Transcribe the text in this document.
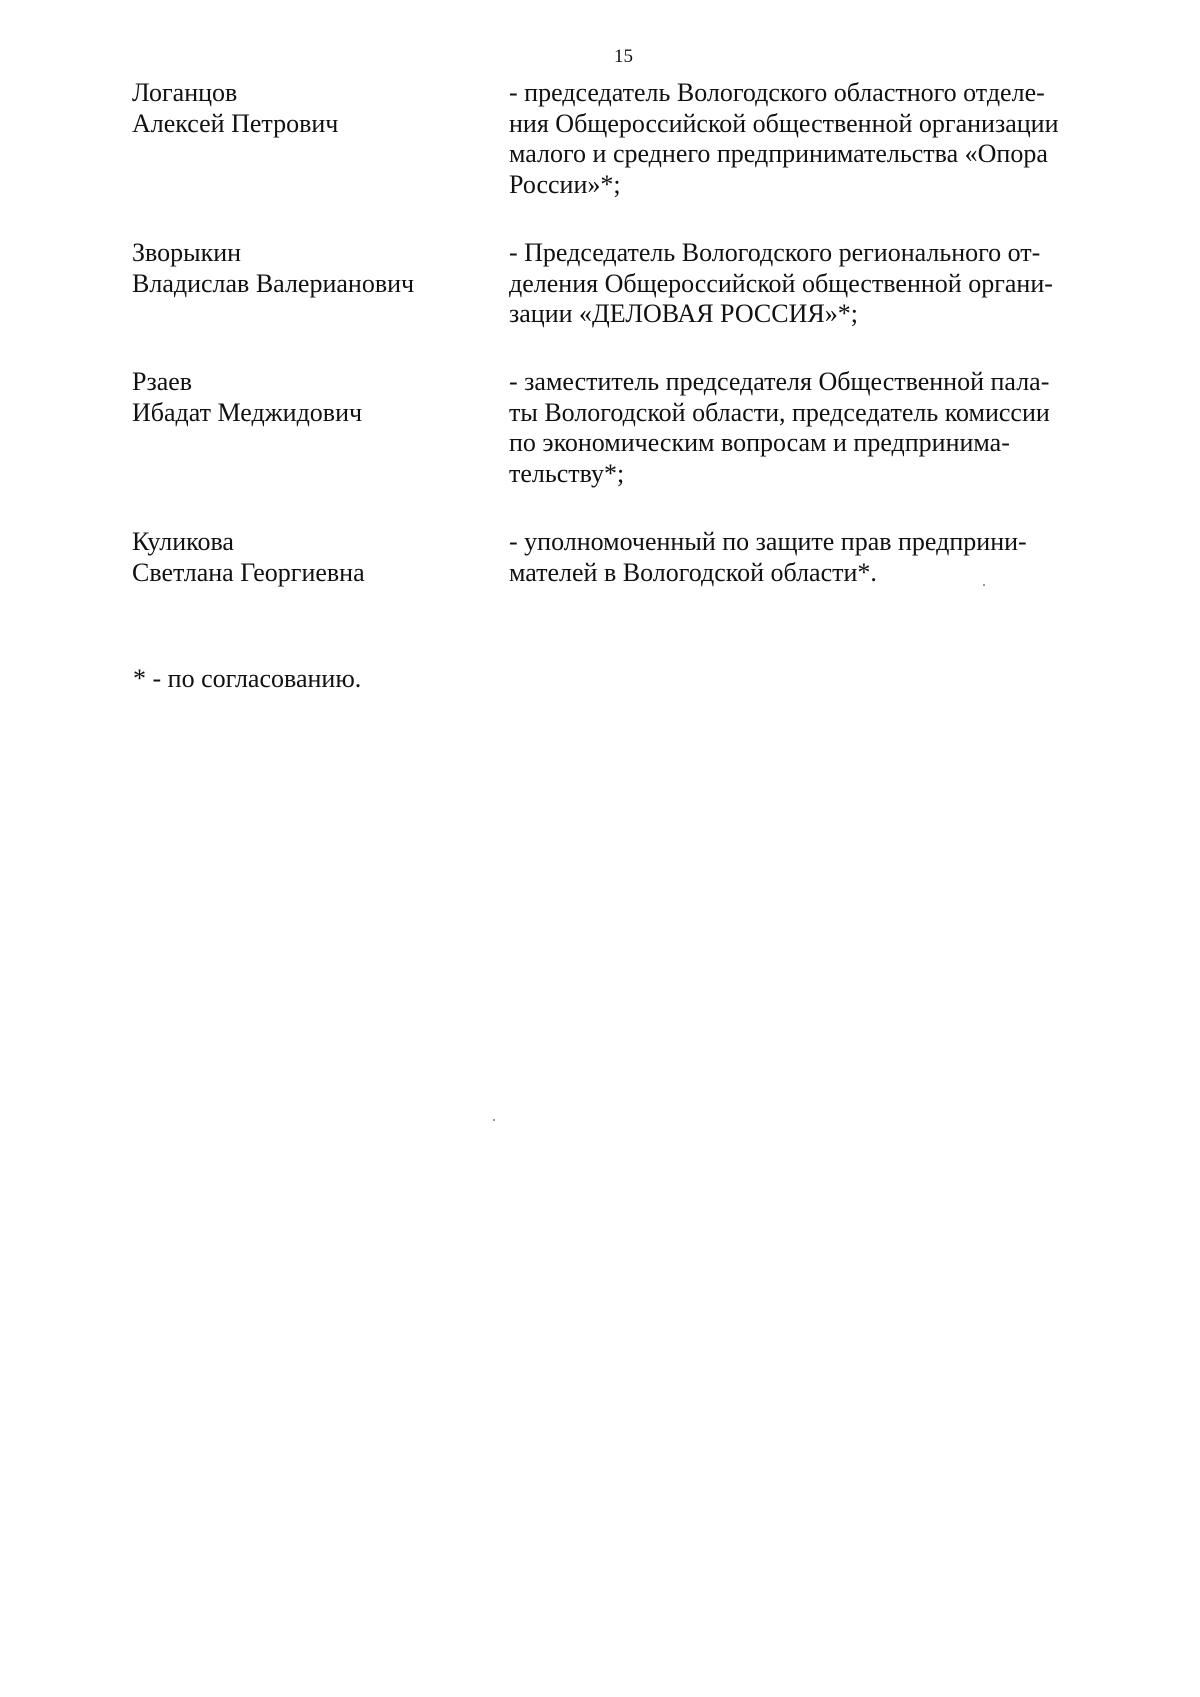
15
Логанцов
Алексей Петрович
- председатель Вологодского областного отделе-
ния Общероссийской общественной организации
малого и среднего предпринимательства «Опора
России»*;
Зворыкин
Владислав Валерианович
- Председатель Вологодского регионального от-
деления Общероссийской общественной органи-
зации «ДЕЛОВАЯ РОССИЯ»*;
Рзаев
Ибадат Меджидович
- заместитель председателя Общественной пала-
ты Вологодской области, председатель комиссии
по экономическим вопросам и предпринима-
тельству*;
Куликова
Светлана Георгиевна
- уполномоченный по защите прав предприни-
мателей в Вологодской области*.
* - по согласованию.
